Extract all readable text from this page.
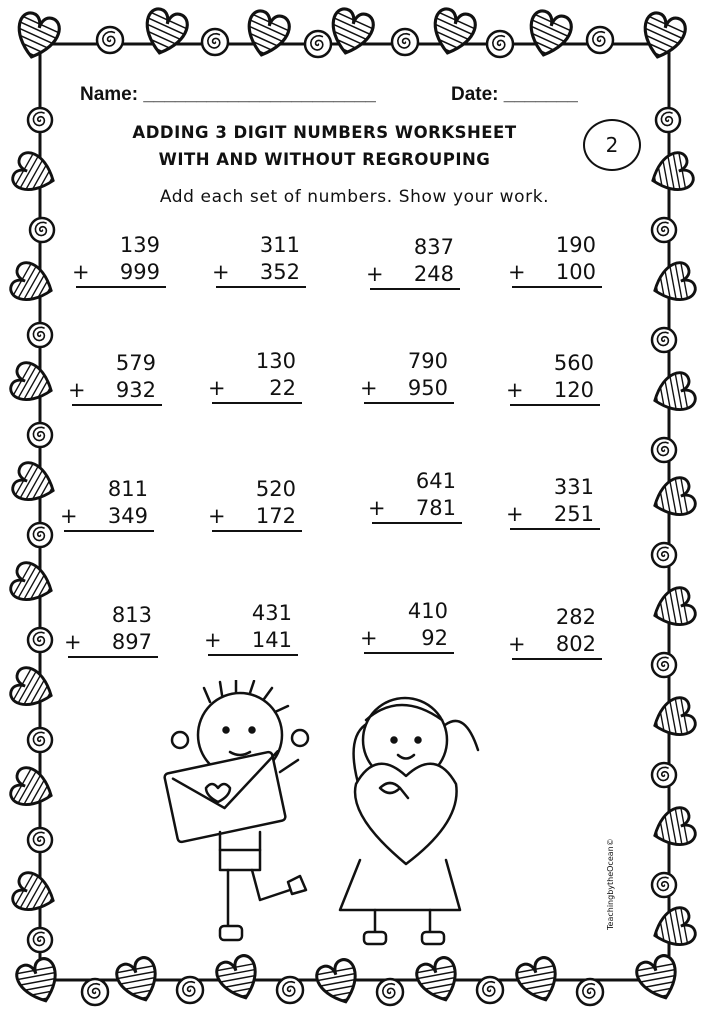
Name: ______________________	Date: _______
ADDING 3 DIGIT NUMBERS WORKSHEET
WITH AND WITHOUT REGROUPING
2
Add each set of numbers. Show your work.
139
+ 999
311
+ 352
837
+ 248
190
+ 100
579
+ 932
130
+ 22
790
+ 950
560
+ 120
811
+ 349
520
+ 172
641
+ 781
331
+ 251
813
+ 897
431
+ 141
410
+ 92
282
+ 802
TeachingbytheOcean©
